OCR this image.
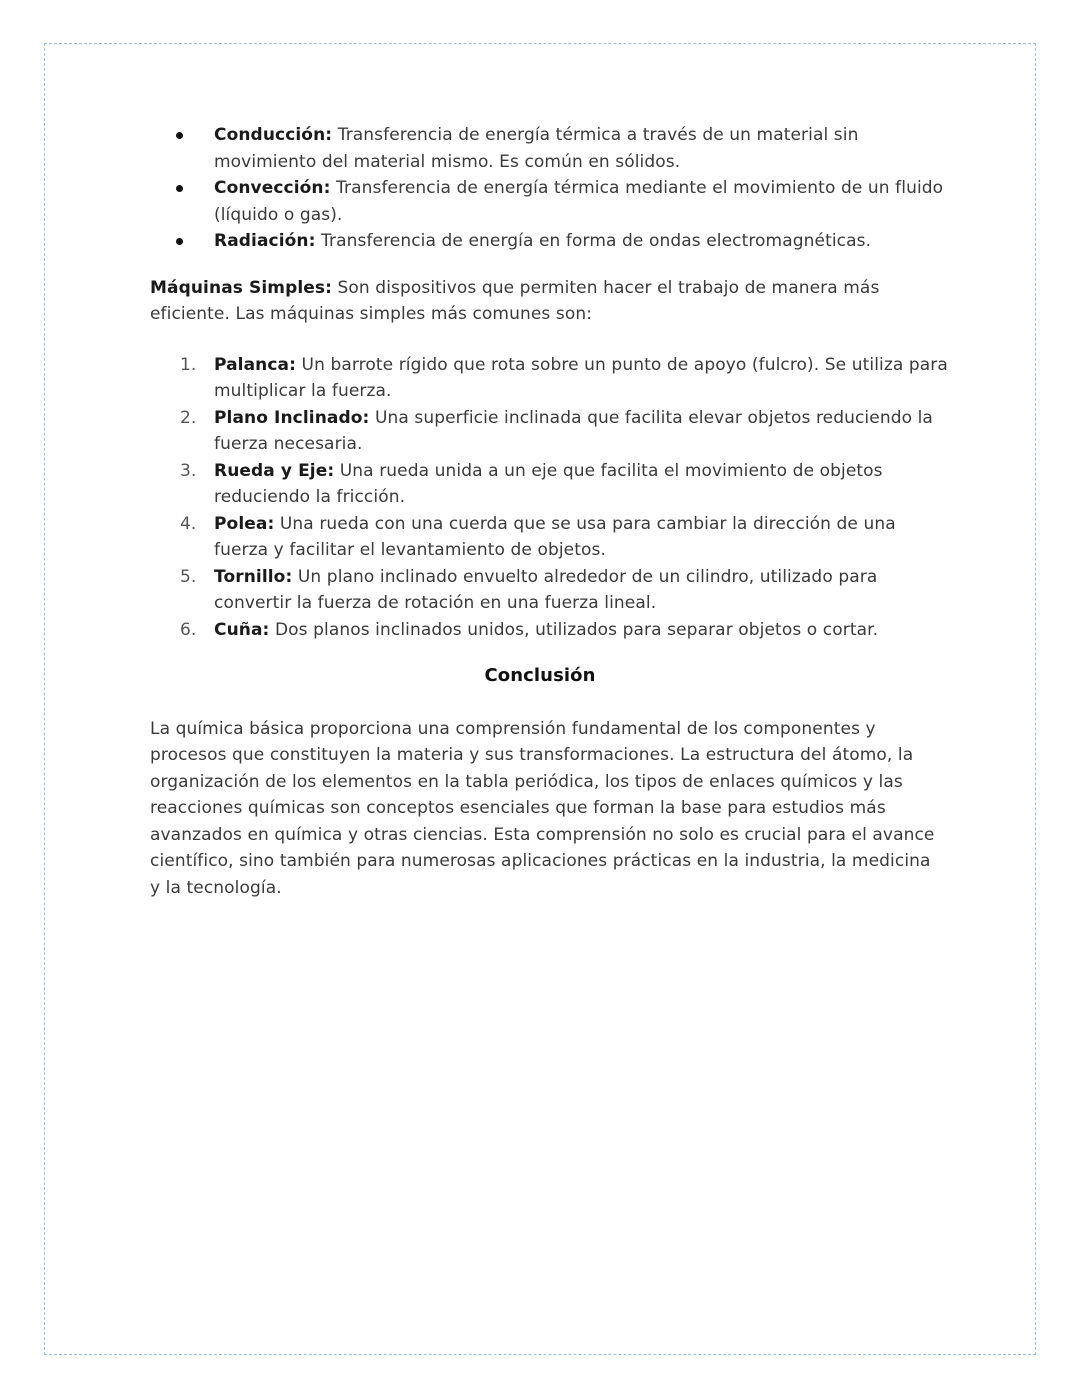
Conducción: Transferencia de energía térmica a través de un material sin movimiento del material mismo. Es común en sólidos.
Convección: Transferencia de energía térmica mediante el movimiento de un fluido (líquido o gas).
Radiación: Transferencia de energía en forma de ondas electromagnéticas.

Máquinas Simples: Son dispositivos que permiten hacer el trabajo de manera más eficiente. Las máquinas simples más comunes son:

1. Palanca: Un barrote rígido que rota sobre un punto de apoyo (fulcro). Se utiliza para multiplicar la fuerza.
2. Plano Inclinado: Una superficie inclinada que facilita elevar objetos reduciendo la fuerza necesaria.
3. Rueda y Eje: Una rueda unida a un eje que facilita el movimiento de objetos reduciendo la fricción.
4. Polea: Una rueda con una cuerda que se usa para cambiar la dirección de una fuerza y facilitar el levantamiento de objetos.
5. Tornillo: Un plano inclinado envuelto alrededor de un cilindro, utilizado para convertir la fuerza de rotación en una fuerza lineal.
6. Cuña: Dos planos inclinados unidos, utilizados para separar objetos o cortar.
Conclusión

La química básica proporciona una comprensión fundamental de los componentes y procesos que constituyen la materia y sus transformaciones. La estructura del átomo, la organización de los elementos en la tabla periódica, los tipos de enlaces químicos y las reacciones químicas son conceptos esenciales que forman la base para estudios más avanzados en química y otras ciencias. Esta comprensión no solo es crucial para el avance científico, sino también para numerosas aplicaciones prácticas en la industria, la medicina y la tecnología.
